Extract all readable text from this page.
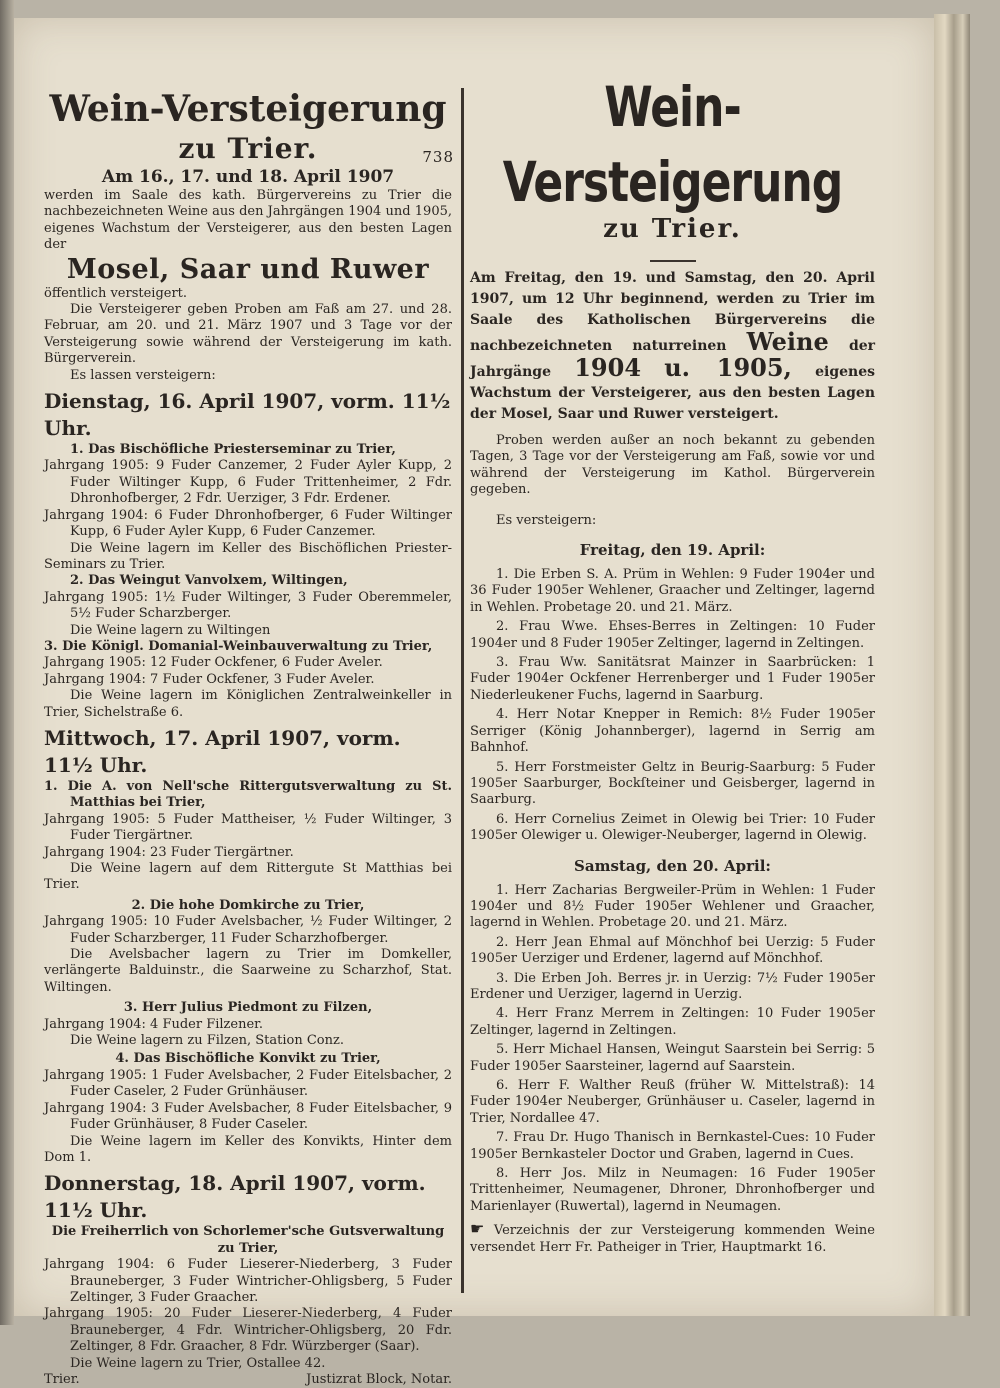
Wein-Versteigerung
zu Trier.	738
Am 16., 17. und 18. April 1907

werden im Saale des kath. Bürgervereins zu Trier die nachbezeichneten Weine aus den Jahrgängen 1904 und 1905, eigenes Wachstum der Versteigerer, aus den besten Lagen der

Mosel, Saar und Ruwer

öffentlich versteigert.

Die Versteigerer geben Proben am Faß am 27. und 28. Februar, am 20. und 21. März 1907 und 3 Tage vor der Versteigerung sowie während der Versteigerung im kath. Bürgerverein.

Es lassen versteigern:

Dienstag, 16. April 1907, vorm. 11½ Uhr.

1. Das Bischöfliche Priesterseminar zu Trier,

Jahrgang 1905: 9 Fuder Canzemer, 2 Fuder Ayler Kupp, 2 Fuder Wiltinger Kupp, 6 Fuder Trittenheimer, 2 Fdr. Dhronhofberger, 2 Fdr. Uerziger, 3 Fdr. Erdener.

Jahrgang 1904: 6 Fuder Dhronhofberger, 6 Fuder Wiltinger Kupp, 6 Fuder Ayler Kupp, 6 Fuder Canzemer.

Die Weine lagern im Keller des Bischöflichen Priester-Seminars zu Trier.

2. Das Weingut Vanvolxem, Wiltingen,

Jahrgang 1905: 1½ Fuder Wiltinger, 3 Fuder Oberemmeler, 5½ Fuder Scharzberger.

Die Weine lagern zu Wiltingen

3. Die Königl. Domanial-Weinbauverwaltung zu Trier,

Jahrgang 1905: 12 Fuder Ockfener, 6 Fuder Aveler.

Jahrgang 1904: 7 Fuder Ockfener, 3 Fuder Aveler.

Die Weine lagern im Königlichen Zentralweinkeller in Trier, Sichelstraße 6.

Mittwoch, 17. April 1907, vorm. 11½ Uhr.

1. Die A. von Nell'sche Rittergutsverwaltung zu St. Matthias bei Trier,

Jahrgang 1905: 5 Fuder Mattheiser, ½ Fuder Wiltinger, 3 Fuder Tiergärtner.

Jahrgang 1904: 23 Fuder Tiergärtner.

Die Weine lagern auf dem Rittergute St Matthias bei Trier.

2. Die hohe Domkirche zu Trier,

Jahrgang 1905: 10 Fuder Avelsbacher, ½ Fuder Wiltinger, 2 Fuder Scharzberger, 11 Fuder Scharzhofberger.

Die Avelsbacher lagern zu Trier im Domkeller, verlängerte Balduinstr., die Saarweine zu Scharzhof, Stat. Wiltingen.

3. Herr Julius Piedmont zu Filzen,

Jahrgang 1904: 4 Fuder Filzener.

Die Weine lagern zu Filzen, Station Conz.

4. Das Bischöfliche Konvikt zu Trier,

Jahrgang 1905: 1 Fuder Avelsbacher, 2 Fuder Eitelsbacher, 2 Fuder Caseler, 2 Fuder Grünhäuser.

Jahrgang 1904: 3 Fuder Avelsbacher, 8 Fuder Eitelsbacher, 9 Fuder Grünhäuser, 8 Fuder Caseler.

Die Weine lagern im Keller des Konvikts, Hinter dem Dom 1.

Donnerstag, 18. April 1907, vorm. 11½ Uhr.

Die Freiherrlich von Schorlemer'sche Gutsverwaltung zu Trier,

Jahrgang 1904: 6 Fuder Lieserer-Niederberg, 3 Fuder Brauneberger, 3 Fuder Wintricher-Ohligsberg, 5 Fuder Zeltinger, 3 Fuder Graacher.

Jahrgang 1905: 20 Fuder Lieserer-Niederberg, 4 Fuder Brauneberger, 4 Fdr. Wintricher-Ohligsberg, 20 Fdr. Zeltinger, 8 Fdr. Graacher, 8 Fdr. Würzberger (Saar).

Die Weine lagern zu Trier, Ostallee 42.

Trier.	Justizrat Block, Notar.
Wein-Versteigerung
zu Trier.
Am Freitag, den 19. und Samstag, den 20. April 1907, um 12 Uhr beginnend, werden zu Trier im Saale des Katholischen Bürgervereins die nachbezeichneten naturreinen Weine der Jahrgänge 1904 u. 1905, eigenes Wachstum der Versteigerer, aus den besten Lagen der Mosel, Saar und Ruwer versteigert.

Proben werden außer an noch bekannt zu gebenden Tagen, 3 Tage vor der Versteigerung am Faß, sowie vor und während der Versteigerung im Kathol. Bürgerverein gegeben.

Es versteigern:

Freitag, den 19. April:

1. Die Erben S. A. Prüm in Wehlen: 9 Fuder 1904er und 36 Fuder 1905er Wehlener, Graacher und Zeltinger, lagernd in Wehlen. Probetage 20. und 21. März.

2. Frau Wwe. Ehses-Berres in Zeltingen: 10 Fuder 1904er und 8 Fuder 1905er Zeltinger, lagernd in Zeltingen.

3. Frau Ww. Sanitätsrat Mainzer in Saarbrücken: 1 Fuder 1904er Ockfener Herrenberger und 1 Fuder 1905er Niederleukener Fuchs, lagernd in Saarburg.

4. Herr Notar Knepper in Remich: 8½ Fuder 1905er Serriger (König Johannberger), lagernd in Serrig am Bahnhof.

5. Herr Forstmeister Geltz in Beurig-Saarburg: 5 Fuder 1905er Saarburger, Bockſteiner und Geisberger, lagernd in Saarburg.

6. Herr Cornelius Zeimet in Olewig bei Trier: 10 Fuder 1905er Olewiger u. Olewiger-Neuberger, lagernd in Olewig.

Samstag, den 20. April:

1. Herr Zacharias Bergweiler-Prüm in Wehlen: 1 Fuder 1904er und 8½ Fuder 1905er Wehlener und Graacher, lagernd in Wehlen. Probetage 20. und 21. März.

2. Herr Jean Ehmal auf Mönchhof bei Uerzig: 5 Fuder 1905er Uerziger und Erdener, lagernd auf Mönchhof.

3. Die Erben Joh. Berres jr. in Uerzig: 7½ Fuder 1905er Erdener und Uerziger, lagernd in Uerzig.

4. Herr Franz Merrem in Zeltingen: 10 Fuder 1905er Zeltinger, lagernd in Zeltingen.

5. Herr Michael Hansen, Weingut Saarstein bei Serrig: 5 Fuder 1905er Saarsteiner, lagernd auf Saarstein.

6. Herr F. Walther Reuß (früher W. Mittelstraß): 14 Fuder 1904er Neuberger, Grünhäuser u. Caseler, lagernd in Trier, Nordallee 47.

7. Frau Dr. Hugo Thanisch in Bernkastel-Cues: 10 Fuder 1905er Bernkasteler Doctor und Graben, lagernd in Cues.

8. Herr Jos. Milz in Neumagen: 16 Fuder 1905er Trittenheimer, Neumagener, Dhroner, Dhronhofberger und Marienlayer (Ruwertal), lagernd in Neumagen.

☛ Verzeichnis der zur Versteigerung kommenden Weine versendet Herr Fr. Patheiger in Trier, Hauptmarkt 16.
